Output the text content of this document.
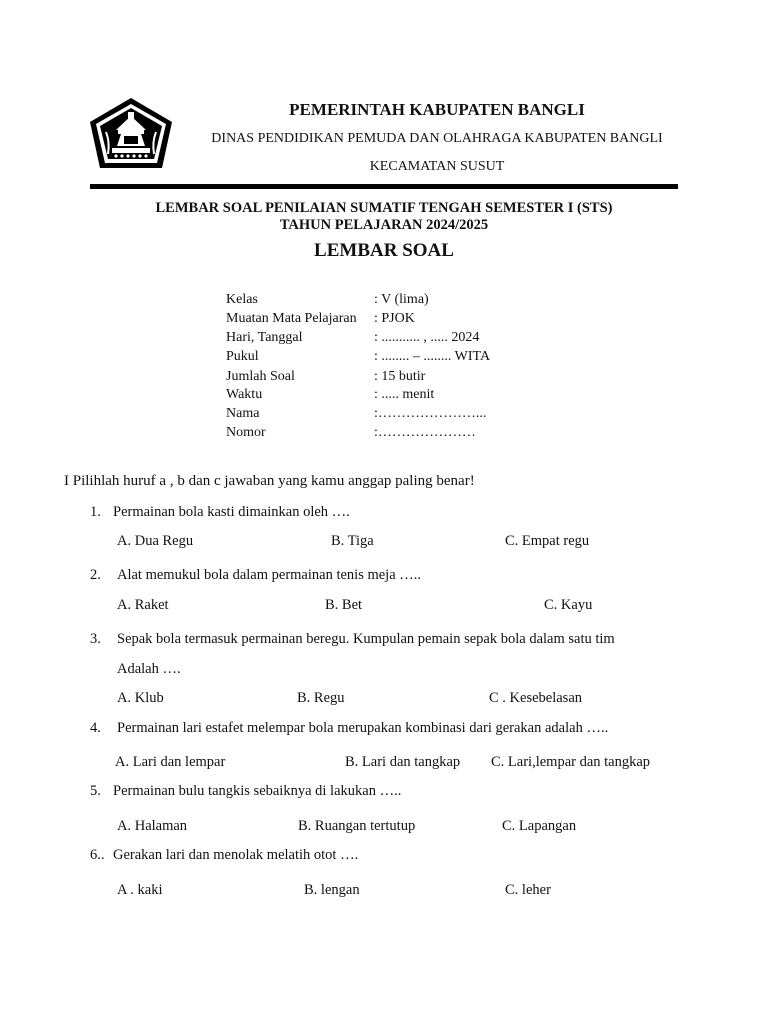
PEMERINTAH KABUPATEN BANGLI
DINAS PENDIDIKAN PEMUDA DAN OLAHRAGA KABUPATEN BANGLI
KECAMATAN SUSUT
LEMBAR SOAL PENILAIAN SUMATIF TENGAH SEMESTER I (STS)
TAHUN PELAJARAN 2024/2025
LEMBAR SOAL
Kelas	: V (lima)
Muatan Mata Pelajaran : PJOK
Hari, Tanggal	: ........... , ..... 2024
Pukul	: ........ – ........ WITA
Jumlah Soal	: 15 butir
Waktu	: ..... menit
Nama	:…………………...
Nomor	:…………………
I Pilihlah huruf a , b dan c jawaban yang kamu anggap paling benar!
1. Permainan bola kasti dimainkan oleh ….
A. Dua Regu	B. Tiga	C. Empat regu
2. Alat memukul bola dalam permainan tenis meja …..
A. Raket	B. Bet	C. Kayu
3. Sepak bola termasuk permainan beregu. Kumpulan pemain sepak bola dalam satu tim
Adalah ….
A. Klub	B. Regu	C . Kesebelasan
4. Permainan lari estafet melempar bola merupakan kombinasi dari gerakan adalah …..
A. Lari dan lempar	B. Lari dan tangkap C. Lari,lempar dan tangkap
5. Permainan bulu tangkis sebaiknya di lakukan …..
A. Halaman	B. Ruangan tertutup	C. Lapangan
6.. Gerakan lari dan menolak melatih otot ….
A . kaki	B. lengan	C. leher
